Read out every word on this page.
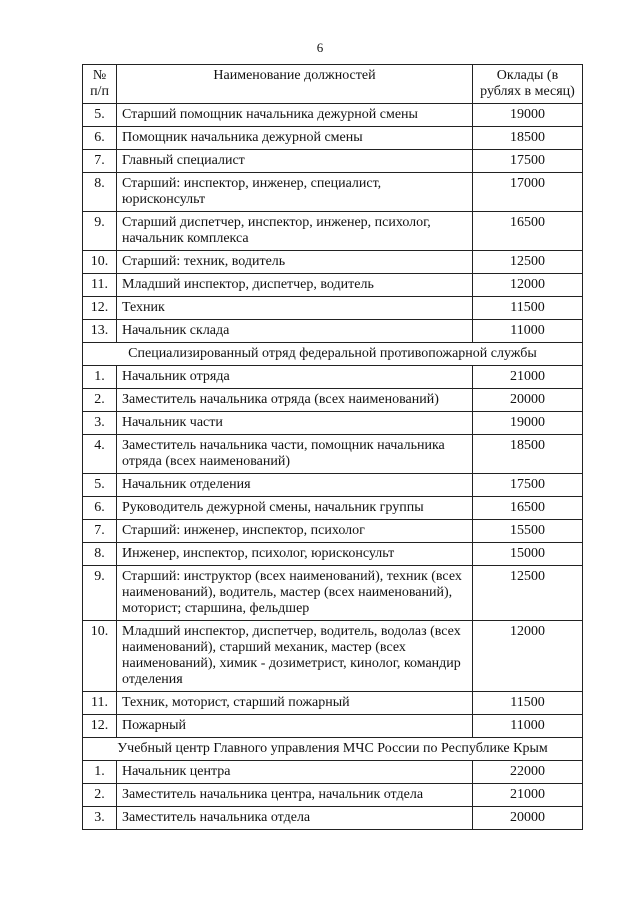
6
№ п/п	Наименование должностей	Оклады (в рублях в месяц)
5.	Старший помощник начальника дежурной смены	19000
6.	Помощник начальника дежурной смены	18500
7.	Главный специалист	17500
8.	Старший: инспектор, инженер, специалист, юрисконсульт	17000
9.	Старший диспетчер, инспектор, инженер, психолог, начальник комплекса	16500
10.	Старший: техник, водитель	12500
11.	Младший инспектор, диспетчер, водитель	12000
12.	Техник	11500
13.	Начальник склада	11000
Специализированный отряд федеральной противопожарной службы		
1.	Начальник отряда	21000
2.	Заместитель начальника отряда (всех наименований)	20000
3.	Начальник части	19000
4.	Заместитель начальника части, помощник начальника отряда (всех наименований)	18500
5.	Начальник отделения	17500
6.	Руководитель дежурной смены, начальник группы	16500
7.	Старший: инженер, инспектор, психолог	15500
8.	Инженер, инспектор, психолог, юрисконсульт	15000
9.	Старший: инструктор (всех наименований), техник (всех наименований), водитель, мастер (всех наименований), моторист; старшина, фельдшер	12500
10.	Младший инспектор, диспетчер, водитель, водолаз (всех наименований), старший механик, мастер (всех наименований), химик - дозиметрист, кинолог, командир отделения	12000
11.	Техник, моторист, старший пожарный	11500
12.	Пожарный	11000
Учебный центр Главного управления МЧС России по Республике Крым		
1.	Начальник центра	22000
2.	Заместитель начальника центра, начальник отдела	21000
3.	Заместитель начальника отдела	20000
